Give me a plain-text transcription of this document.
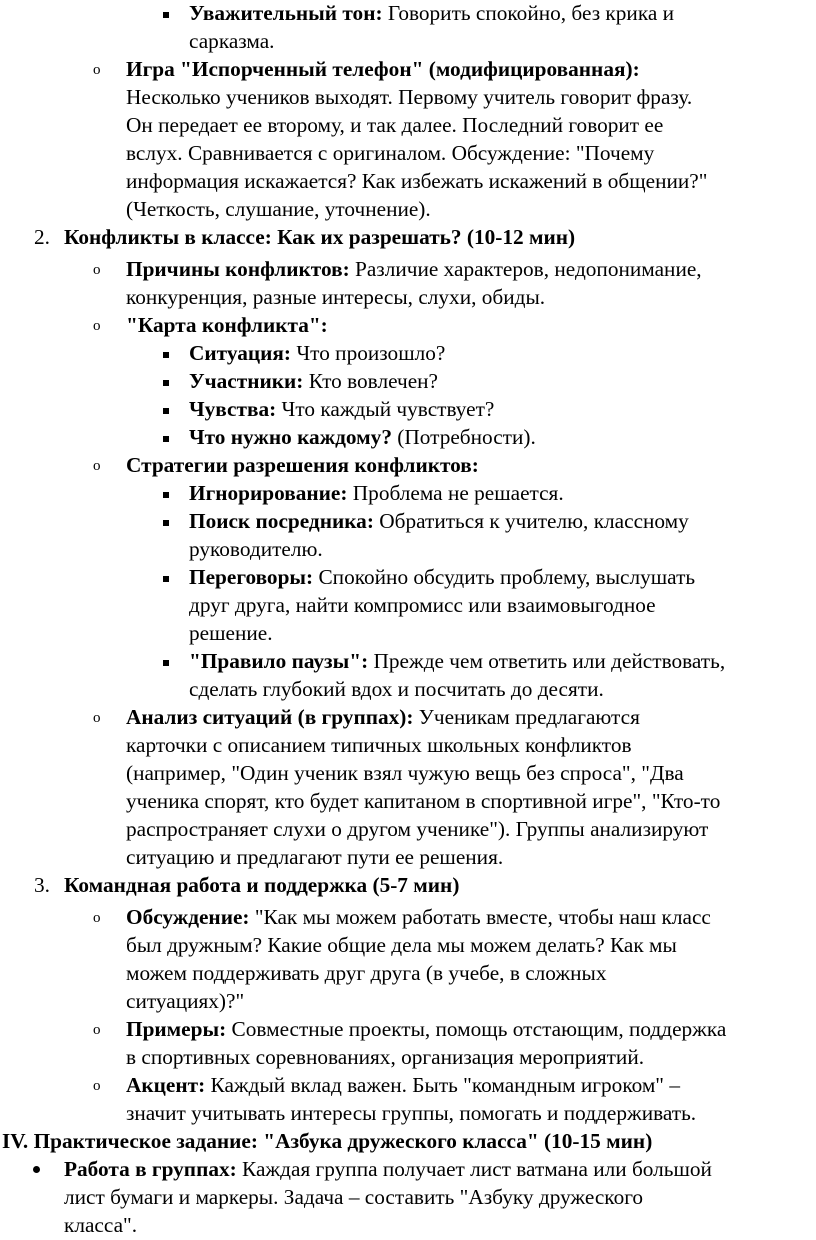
Уважительный тон: Говорить спокойно, без крика и
сарказма.
o Игра "Испорченный телефон" (модифицированная):
Несколько учеников выходят. Первому учитель говорит фразу.
Он передает ее второму, и так далее. Последний говорит ее
вслух. Сравнивается с оригиналом. Обсуждение: "Почему
информация искажается? Как избежать искажений в общении?"
(Четкость, слушание, уточнение).
2. Конфликты в классе: Как их разрешать? (10-12 мин)
o Причины конфликтов: Различие характеров, недопонимание,
конкуренция, разные интересы, слухи, обиды.
o "Карта конфликта":
Ситуация: Что произошло?
Участники: Кто вовлечен?
Чувства: Что каждый чувствует?
Что нужно каждому? (Потребности).
o Стратегии разрешения конфликтов:
Игнорирование: Проблема не решается.
Поиск посредника: Обратиться к учителю, классному
руководителю.
Переговоры: Спокойно обсудить проблему, выслушать
друг друга, найти компромисс или взаимовыгодное
решение.
"Правило паузы": Прежде чем ответить или действовать,
сделать глубокий вдох и посчитать до десяти.
o Анализ ситуаций (в группах): Ученикам предлагаются
карточки с описанием типичных школьных конфликтов
(например, "Один ученик взял чужую вещь без спроса", "Два
ученика спорят, кто будет капитаном в спортивной игре", "Кто-то
распространяет слухи о другом ученике"). Группы анализируют
ситуацию и предлагают пути ее решения.
3. Командная работа и поддержка (5-7 мин)
o Обсуждение: "Как мы можем работать вместе, чтобы наш класс
был дружным? Какие общие дела мы можем делать? Как мы
можем поддерживать друг друга (в учебе, в сложных
ситуациях)?"
o Примеры: Совместные проекты, помощь отстающим, поддержка
в спортивных соревнованиях, организация мероприятий.
o Акцент: Каждый вклад важен. Быть "командным игроком" –
значит учитывать интересы группы, помогать и поддерживать.
IV. Практическое задание: "Азбука дружеского класса" (10-15 мин)
Работа в группах: Каждая группа получает лист ватмана или большой
лист бумаги и маркеры. Задача – составить "Азбуку дружеского
класса".
